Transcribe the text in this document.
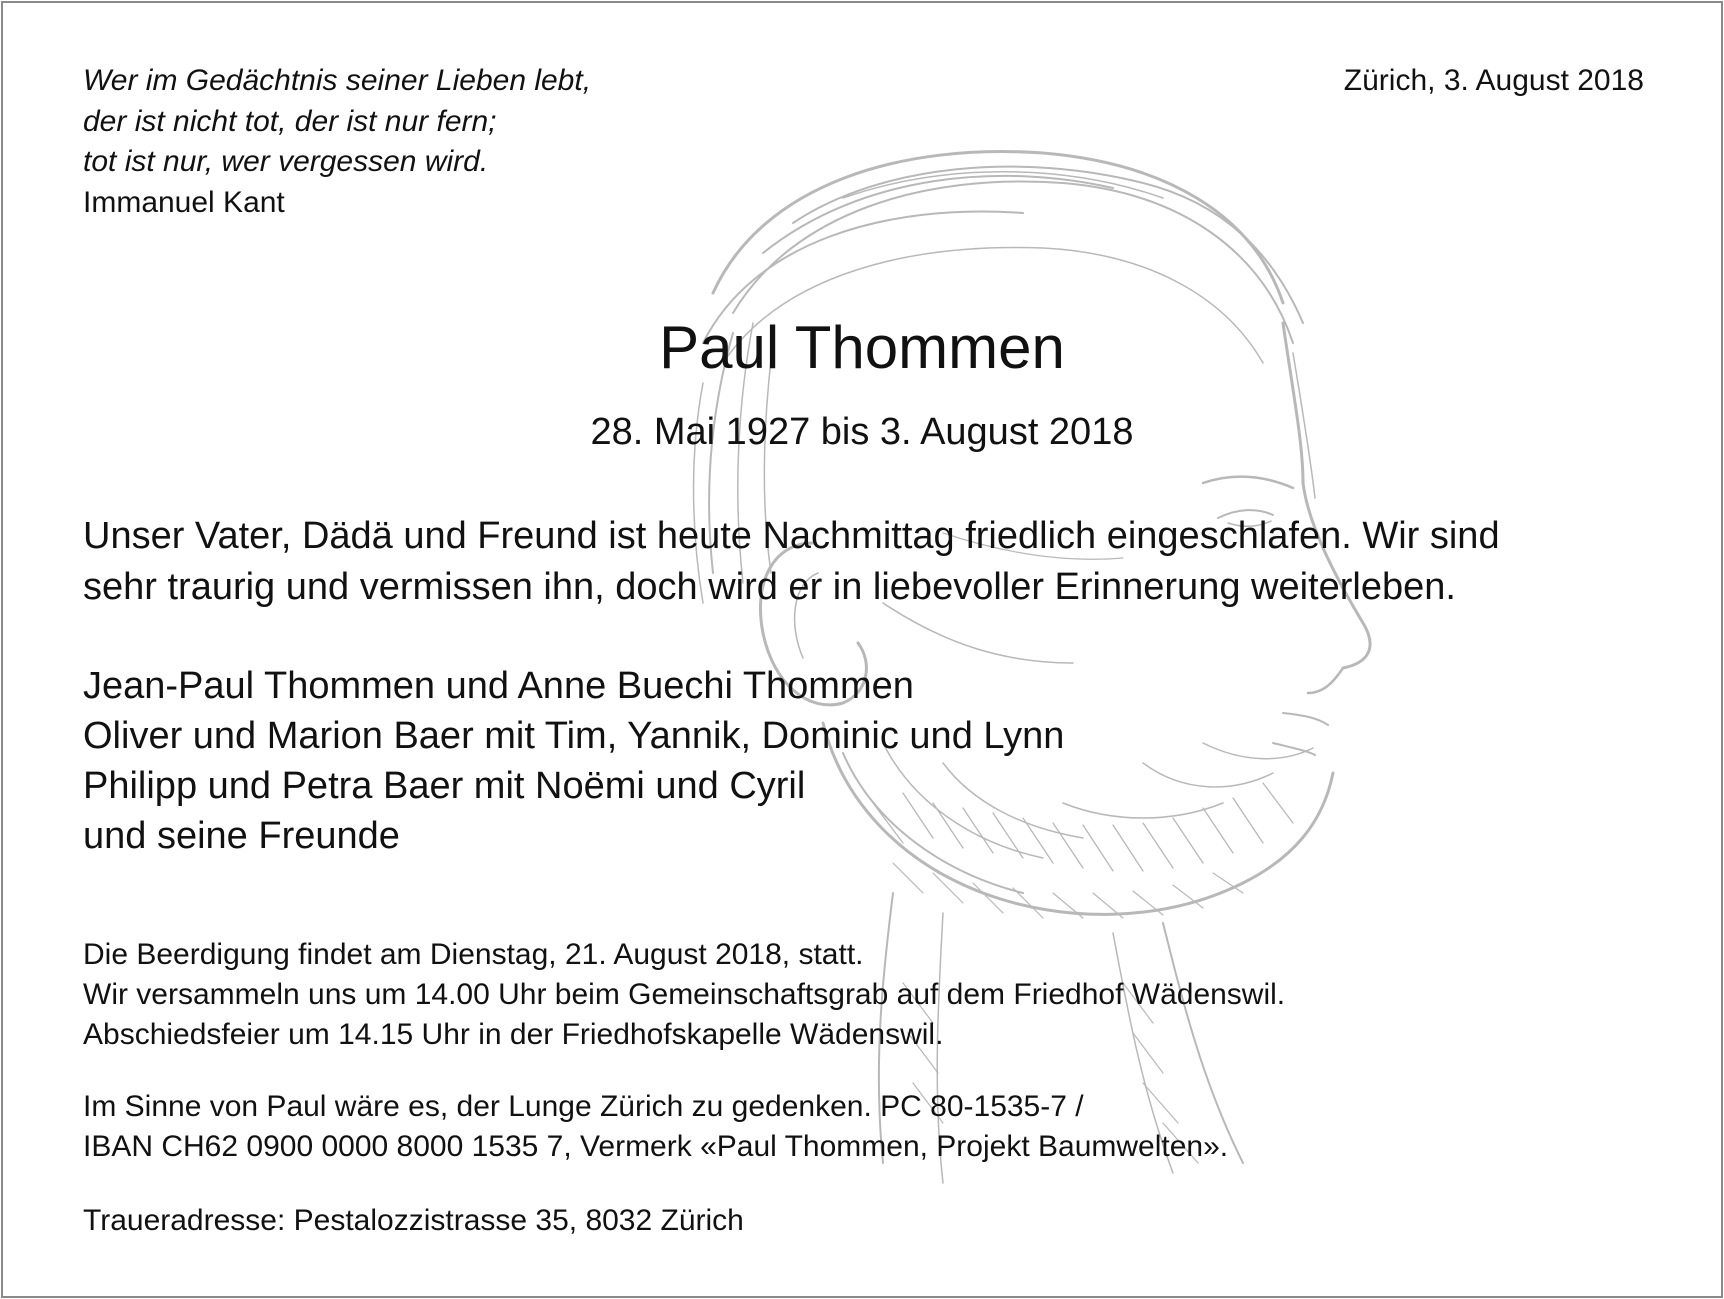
Wer im Gedächtnis seiner Lieben lebt,
der ist nicht tot, der ist nur fern;
tot ist nur, wer vergessen wird.
Immanuel Kant
Zürich, 3. August 2018
Paul Thommen
28. Mai 1927 bis 3. August 2018
Unser Vater, Dädä und Freund ist heute Nachmittag friedlich eingeschlafen. Wir sind
sehr traurig und vermissen ihn, doch wird er in liebevoller Erinnerung weiterleben.
Jean-Paul Thommen und Anne Buechi Thommen
Oliver und Marion Baer mit Tim, Yannik, Dominic und Lynn
Philipp und Petra Baer mit Noëmi und Cyril
und seine Freunde
Die Beerdigung findet am Dienstag, 21. August 2018, statt.
Wir versammeln uns um 14.00 Uhr beim Gemeinschaftsgrab auf dem Friedhof Wädenswil.
Abschiedsfeier um 14.15 Uhr in der Friedhofskapelle Wädenswil.
Im Sinne von Paul wäre es, der Lunge Zürich zu gedenken. PC 80-1535-7 /
IBAN CH62 0900 0000 8000 1535 7, Vermerk «Paul Thommen, Projekt Baumwelten».
Traueradresse: Pestalozzistrasse 35, 8032 Zürich
